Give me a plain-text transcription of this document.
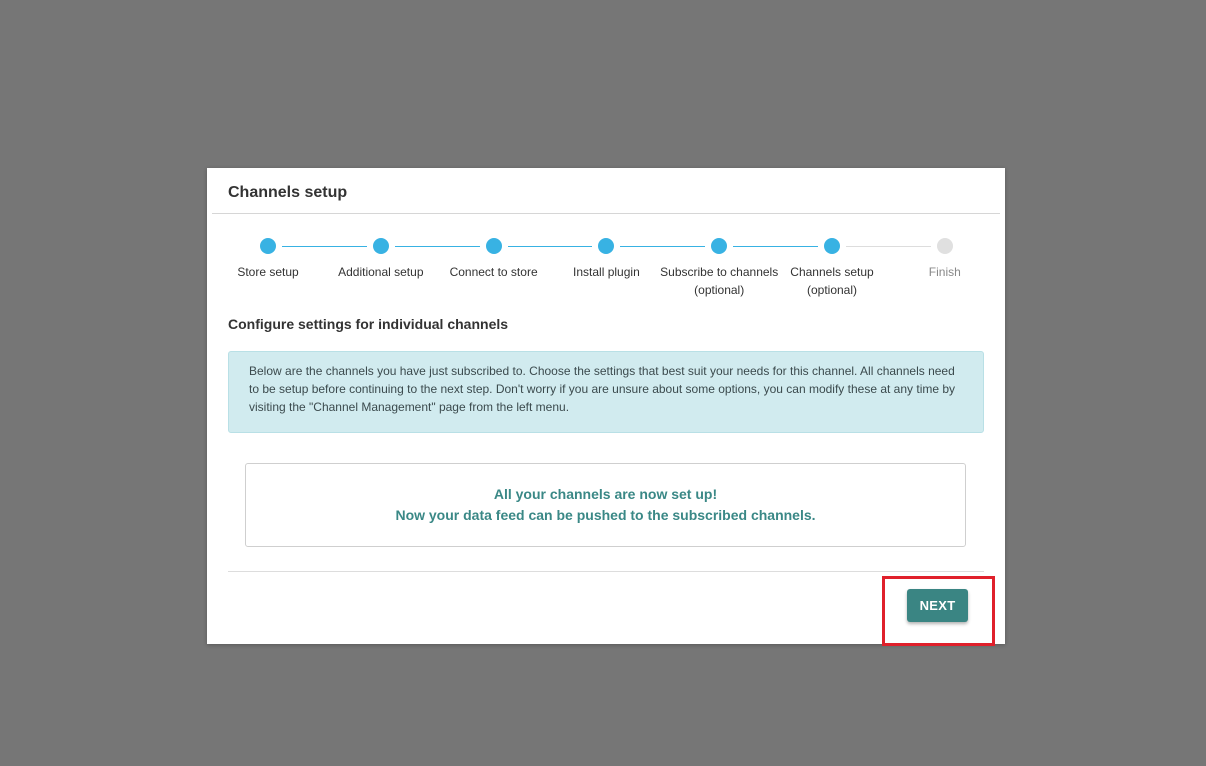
Channels setup
Store setup	Additional setup	Connect to store	Install plugin	Subscribe to channels (optional)
Channels setup (optional)
Finish
Configure settings for individual channels
Below are the channels you have just subscribed to. Choose the settings that best suit your needs for this channel. All channels need to be setup before continuing to the next step. Don't worry if you are unsure about some options, you can modify these at any time by visiting the "Channel Management" page from the left menu.
All your channels are now set up!
Now your data feed can be pushed to the subscribed channels.
NEXT
